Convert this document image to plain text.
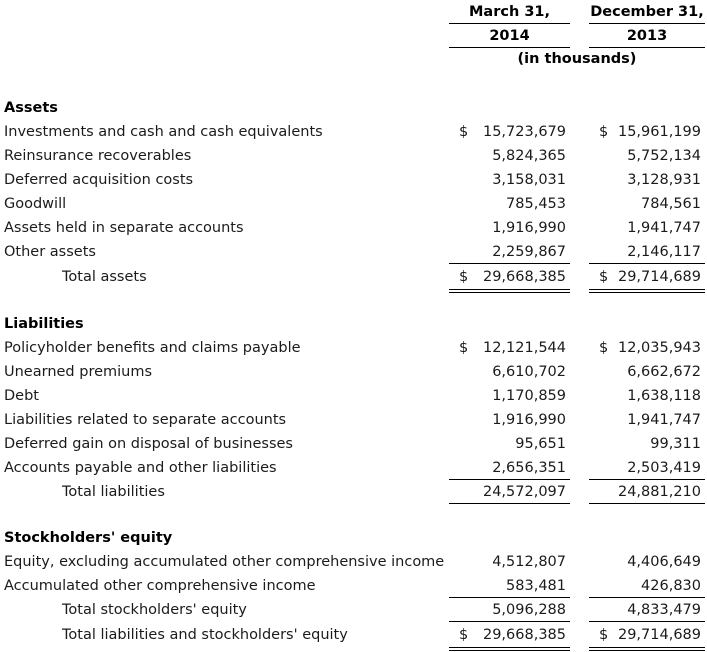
March 31,	December 31,
2014	2013
(in thousands)
Assets
Investments and cash and cash equivalents	$ 15,723,679 $ 15,961,199
Reinsurance recoverables	5,824,365	5,752,134
Deferred acquisition costs	3,158,031	3,128,931
Goodwill	785,453	784,561
Assets held in separate accounts	1,916,990	1,941,747
Other assets	2,259,867	2,146,117
Total assets	$ 29,668,385 $ 29,714,689
Liabilities
Policyholder benefits and claims payable	$ 12,121,544 $ 12,035,943
Unearned premiums	6,610,702	6,662,672
Debt	1,170,859	1,638,118
Liabilities related to separate accounts	1,916,990	1,941,747
Deferred gain on disposal of businesses	95,651	99,311
Accounts payable and other liabilities	2,656,351	2,503,419
Total liabilities	24,572,097	24,881,210
Stockholders' equity
Equity, excluding accumulated other comprehensive income	4,512,807	4,406,649
Accumulated other comprehensive income	583,481	426,830
Total stockholders' equity	5,096,288	4,833,479
Total liabilities and stockholders' equity	$ 29,668,385 $ 29,714,689
